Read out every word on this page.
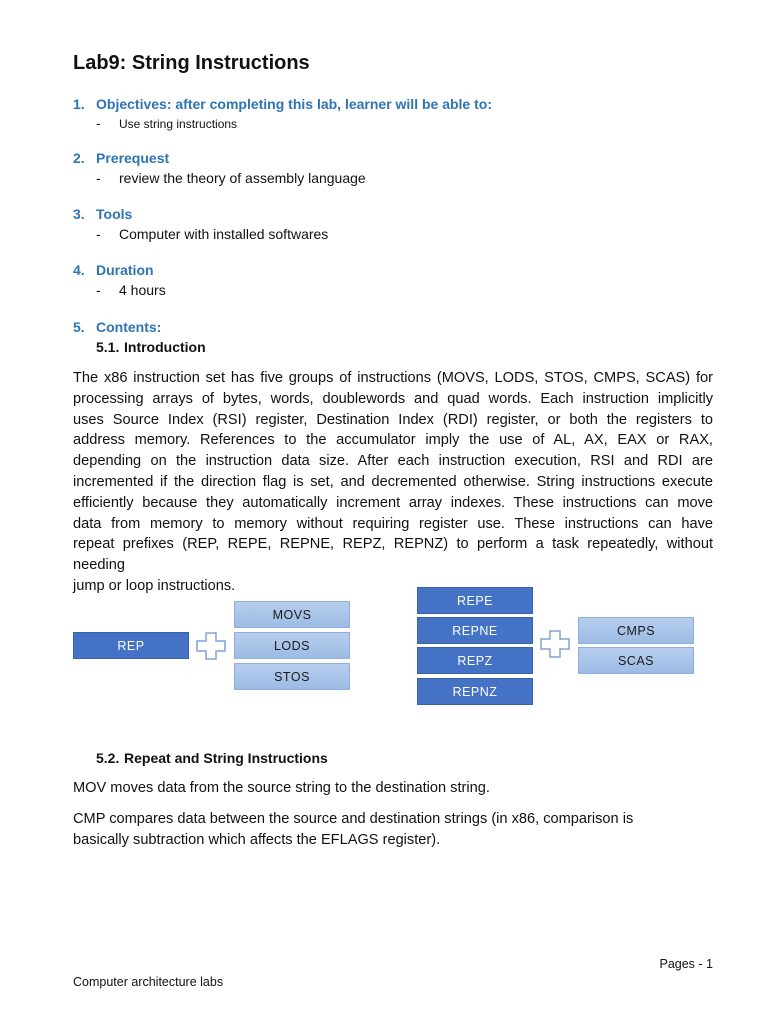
Lab9: String Instructions
1. Objectives: after completing this lab, learner will be able to:
- Use string instructions
2. Prerequest
- review the theory of assembly language
3. Tools
- Computer with installed softwares
4. Duration
- 4 hours
5. Contents:
5.1. Introduction
The x86 instruction set has five groups of instructions (MOVS, LODS, STOS, CMPS, SCAS) for
processing arrays of bytes, words, doublewords and quad words. Each instruction implicitly
uses Source Index (RSI) register, Destination Index (RDI) register, or both the registers to
address memory. References to the accumulator imply the use of AL, AX, EAX or RAX,
depending on the instruction data size. After each instruction execution, RSI and RDI are
incremented if the direction flag is set, and decremented otherwise. String instructions execute
efficiently because they automatically increment array indexes. These instructions can move
data from memory to memory without requiring register use. These instructions can have
repeat prefixes (REP, REPE, REPNE, REPZ, REPNZ) to perform a task repeatedly, without needing
jump or loop instructions.
REP
MOVS
LODS
STOS
REPE
REPNE
REPZ
REPNZ
CMPS
SCAS
5.2. Repeat and String Instructions
MOV moves data from the source string to the destination string.
CMP compares data between the source and destination strings (in x86, comparison is
basically subtraction which affects the EFLAGS register).
Pages - 1
Computer architecture labs
